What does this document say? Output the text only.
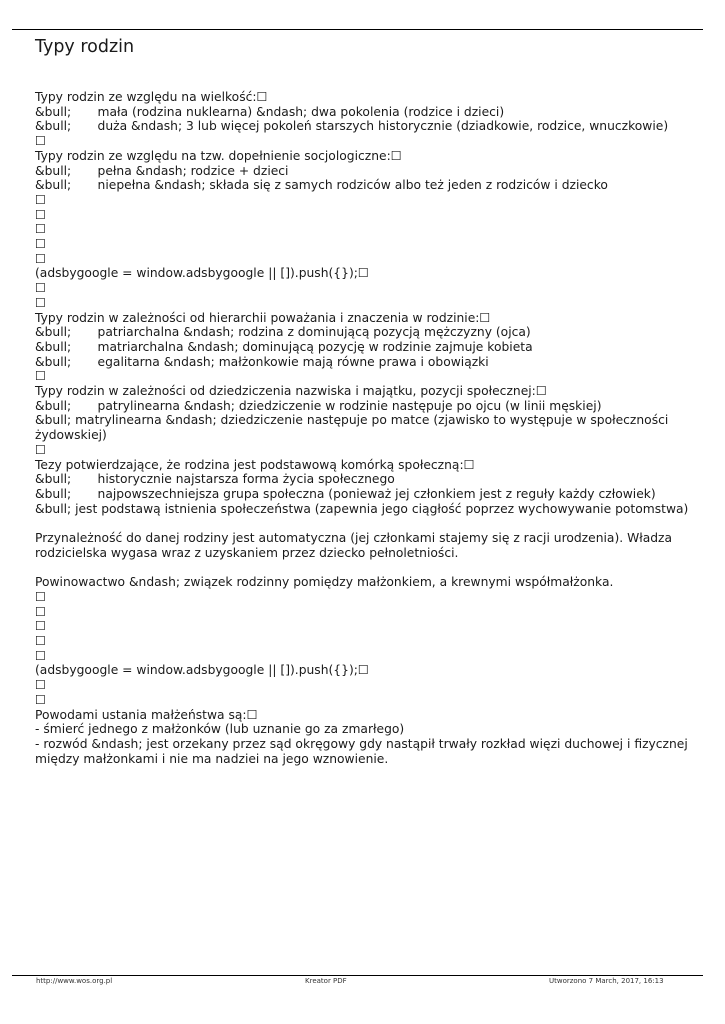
Typy rodzin
Typy rodzin ze względu na wielkość:☐
&bull;	mała (rodzina nuklearna) &ndash; dwa pokolenia (rodzice i dzieci)
&bull;	duża &ndash; 3 lub więcej pokoleń starszych historycznie (dziadkowie, rodzice, wnuczkowie)
☐
Typy rodzin ze względu na tzw. dopełnienie socjologiczne:☐
&bull;	pełna &ndash; rodzice + dzieci
&bull;	niepełna &ndash; składa się z samych rodziców albo też jeden z rodziców i dziecko
☐
☐
☐
☐
☐
(adsbygoogle = window.adsbygoogle || []).push({});☐
☐
☐
Typy rodzin w zależności od hierarchii poważania i znaczenia w rodzinie:☐
&bull;	patriarchalna &ndash; rodzina z dominującą pozycją mężczyzny (ojca)
&bull;	matriarchalna &ndash; dominującą pozycję w rodzinie zajmuje kobieta
&bull;	egalitarna &ndash; małżonkowie mają równe prawa i obowiązki
☐
Typy rodzin w zależności od dziedziczenia nazwiska i majątku, pozycji społecznej:☐
&bull;	patrylinearna &ndash; dziedziczenie w rodzinie następuje po ojcu (w linii męskiej)
&bull; matrylinearna &ndash; dziedziczenie następuje po matce (zjawisko to występuje w społeczności żydowskiej)
☐
Tezy potwierdzające, że rodzina jest podstawową komórką społeczną:☐
&bull;	historycznie najstarsza forma życia społecznego
&bull;	najpowszechniejsza grupa społeczna (ponieważ jej członkiem jest z reguły każdy człowiek)
&bull; jest podstawą istnienia społeczeństwa (zapewnia jego ciągłość poprzez wychowywanie potomstwa)
Przynależność do danej rodziny jest automatyczna (jej członkami stajemy się z racji urodzenia). Władza rodzicielska wygasa wraz z uzyskaniem przez dziecko pełnoletniości.
Powinowactwo &ndash; związek rodzinny pomiędzy małżonkiem, a krewnymi współmałżonka.
☐
☐
☐
☐
☐
(adsbygoogle = window.adsbygoogle || []).push({});☐
☐
☐
Powodami ustania małżeństwa są:☐
- śmierć jednego z małżonków (lub uznanie go za zmarłego)
- rozwód &ndash; jest orzekany przez sąd okręgowy gdy nastąpił trwały rozkład więzi duchowej i fizycznej między małżonkami i nie ma nadziei na jego wznowienie.
http://www.wos.org.pl	Kreator PDF	Utworzono 7 March, 2017, 16:13
